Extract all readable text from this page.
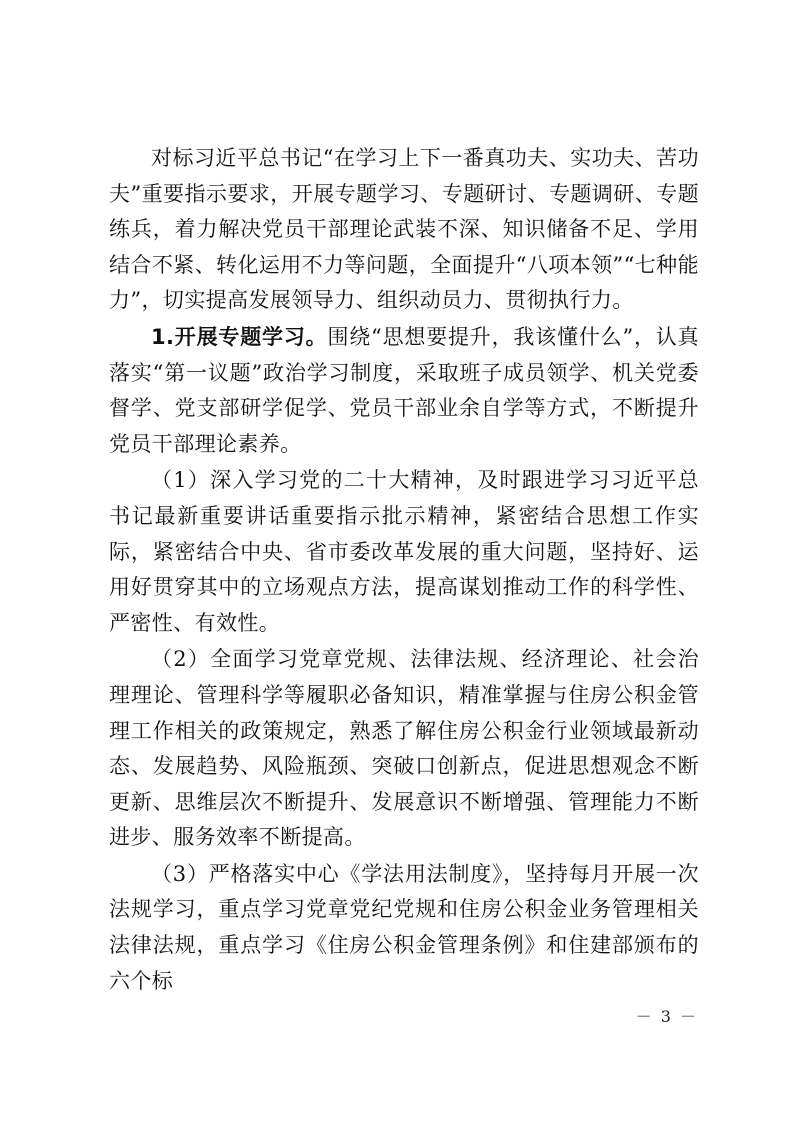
对标习近平总书记“在学习上下一番真功夫、实功夫、苦功夫”重要指示要求，开展专题学习、专题研讨、专题调研、专题练兵，着力解决党员干部理论武装不深、知识储备不足、学用结合不紧、转化运用不力等问题，全面提升“八项本领”“七种能力”，切实提高发展领导力、组织动员力、贯彻执行力。

1.开展专题学习。围绕“思想要提升，我该懂什么”，认真落实“第一议题”政治学习制度，采取班子成员领学、机关党委督学、党支部研学促学、党员干部业余自学等方式，不断提升党员干部理论素养。

（1）深入学习党的二十大精神，及时跟进学习习近平总书记最新重要讲话重要指示批示精神，紧密结合思想工作实际，紧密结合中央、省市委改革发展的重大问题，坚持好、运用好贯穿其中的立场观点方法，提高谋划推动工作的科学性、严密性、有效性。

（2）全面学习党章党规、法律法规、经济理论、社会治理理论、管理科学等履职必备知识，精准掌握与住房公积金管理工作相关的政策规定，熟悉了解住房公积金行业领域最新动态、发展趋势、风险瓶颈、突破口创新点，促进思想观念不断更新、思维层次不断提升、发展意识不断增强、管理能力不断进步、服务效率不断提高。

（3）严格落实中心《学法用法制度》，坚持每月开展一次法规学习，重点学习党章党纪党规和住房公积金业务管理相关法律法规，重点学习《住房公积金管理条例》和住建部颁布的六个标

－ 3 －
